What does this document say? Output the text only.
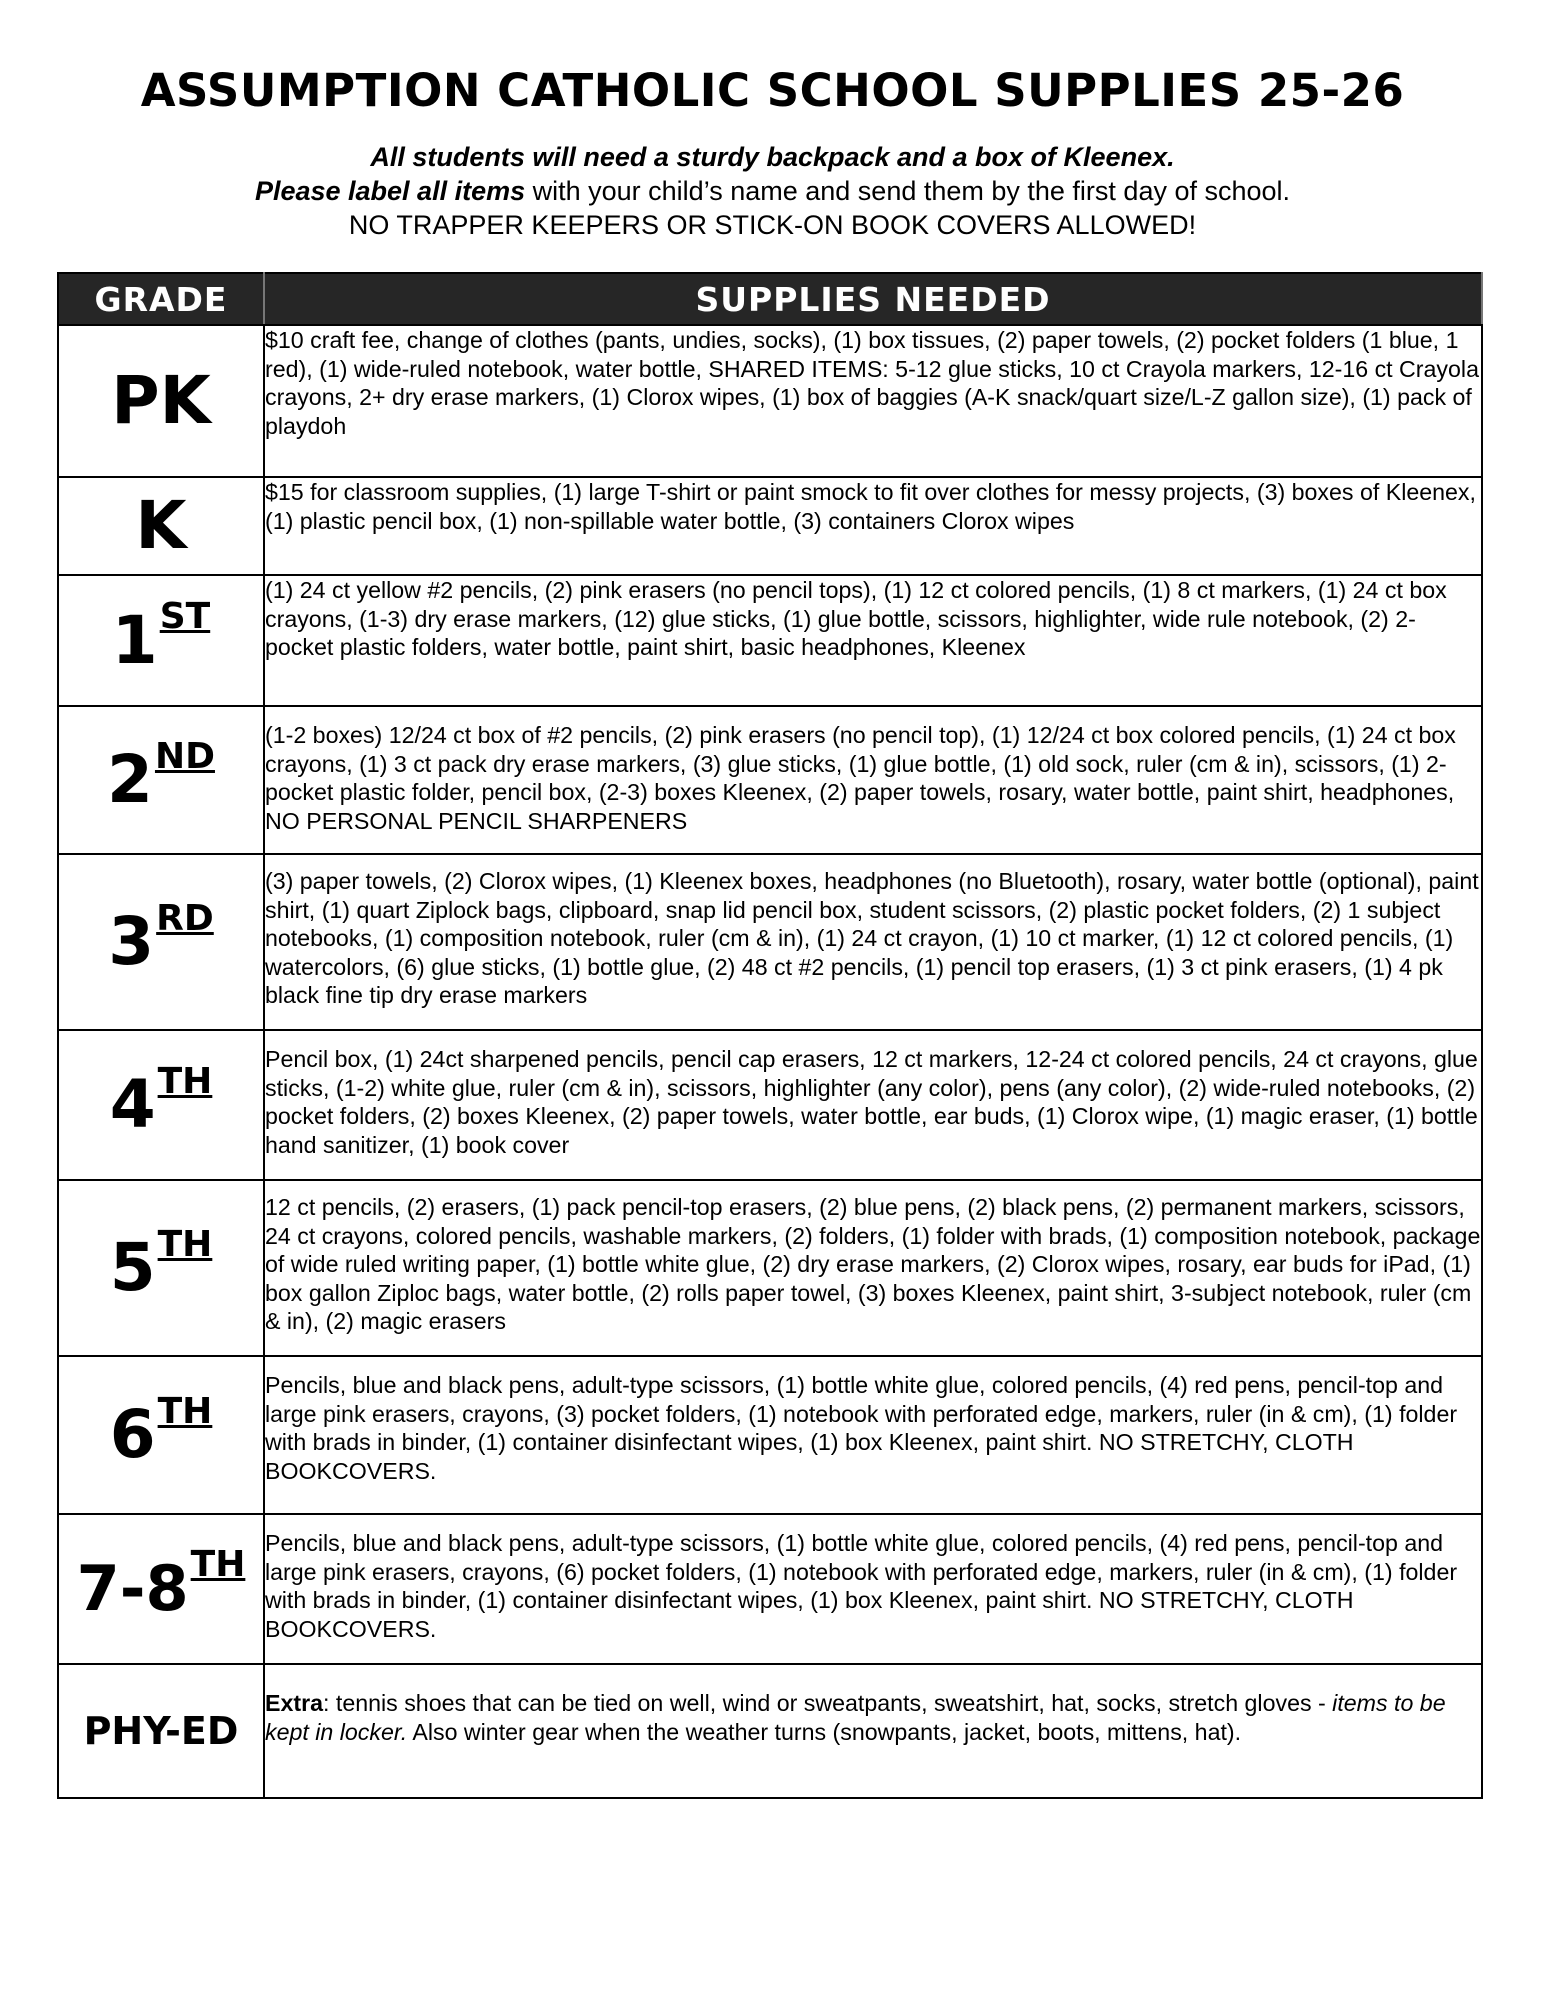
ASSUMPTION CATHOLIC SCHOOL SUPPLIES 25-26
All students will need a sturdy backpack and a box of Kleenex.
Please label all items with your child’s name and send them by the first day of school.
NO TRAPPER KEEPERS OR STICK-ON BOOK COVERS ALLOWED!
GRADE	SUPPLIES NEEDED
PK	$10 craft fee, change of clothes (pants, undies, socks), (1) box tissues, (2) paper towels, (2) pocket folders (1 blue, 1 red), (1) wide-ruled notebook, water bottle, SHARED ITEMS: 5-12 glue sticks, 10 ct Crayola markers, 12-16 ct Crayola crayons, 2+ dry erase markers, (1) Clorox wipes, (1) box of baggies (A-K snack/quart size/L-Z gallon size), (1) pack of playdoh
K	$15 for classroom supplies, (1) large T-shirt or paint smock to fit over clothes for messy projects, (3) boxes of Kleenex, (1) plastic pencil box, (1) non-spillable water bottle, (3) containers Clorox wipes
1ST	(1) 24 ct yellow #2 pencils, (2) pink erasers (no pencil tops), (1) 12 ct colored pencils, (1) 8 ct markers, (1) 24 ct box crayons, (1-3) dry erase markers, (12) glue sticks, (1) glue bottle, scissors, highlighter, wide rule notebook, (2) 2-pocket plastic folders, water bottle, paint shirt, basic headphones, Kleenex
2ND	(1-2 boxes) 12/24 ct box of #2 pencils, (2) pink erasers (no pencil top), (1) 12/24 ct box colored pencils, (1) 24 ct box crayons, (1) 3 ct pack dry erase markers, (3) glue sticks, (1) glue bottle, (1) old sock, ruler (cm & in), scissors, (1) 2-pocket plastic folder, pencil box, (2-3) boxes Kleenex, (2) paper towels, rosary, water bottle, paint shirt, headphones, NO PERSONAL PENCIL SHARPENERS
3RD	(3) paper towels, (2) Clorox wipes, (1) Kleenex boxes, headphones (no Bluetooth), rosary, water bottle (optional), paint shirt, (1) quart Ziplock bags, clipboard, snap lid pencil box, student scissors, (2) plastic pocket folders, (2) 1 subject notebooks, (1) composition notebook, ruler (cm & in), (1) 24 ct crayon, (1) 10 ct marker, (1) 12 ct colored pencils, (1) watercolors, (6) glue sticks, (1) bottle glue, (2) 48 ct #2 pencils, (1) pencil top erasers, (1) 3 ct pink erasers, (1) 4 pk black fine tip dry erase markers
4TH	Pencil box, (1) 24ct sharpened pencils, pencil cap erasers, 12 ct markers, 12-24 ct colored pencils, 24 ct crayons, glue sticks, (1-2) white glue, ruler (cm & in), scissors, highlighter (any color), pens (any color), (2) wide-ruled notebooks, (2) pocket folders, (2) boxes Kleenex, (2) paper towels, water bottle, ear buds, (1) Clorox wipe, (1) magic eraser, (1) bottle hand sanitizer, (1) book cover
5TH	12 ct pencils, (2) erasers, (1) pack pencil-top erasers, (2) blue pens, (2) black pens, (2) permanent markers, scissors, 24 ct crayons, colored pencils, washable markers, (2) folders, (1) folder with brads, (1) composition notebook, package of wide ruled writing paper, (1) bottle white glue, (2) dry erase markers, (2) Clorox wipes, rosary, ear buds for iPad, (1) box gallon Ziploc bags, water bottle, (2) rolls paper towel, (3) boxes Kleenex, paint shirt, 3-subject notebook, ruler (cm & in), (2) magic erasers
6TH	Pencils, blue and black pens, adult-type scissors, (1) bottle white glue, colored pencils, (4) red pens, pencil-top and large pink erasers, crayons, (3) pocket folders, (1) notebook with perforated edge, markers, ruler (in & cm), (1) folder with brads in binder, (1) container disinfectant wipes, (1) box Kleenex, paint shirt. NO STRETCHY, CLOTH BOOKCOVERS.
7-8TH	Pencils, blue and black pens, adult-type scissors, (1) bottle white glue, colored pencils, (4) red pens, pencil-top and large pink erasers, crayons, (6) pocket folders, (1) notebook with perforated edge, markers, ruler (in & cm), (1) folder with brads in binder, (1) container disinfectant wipes, (1) box Kleenex, paint shirt. NO STRETCHY, CLOTH BOOKCOVERS.
PHY-ED	Extra: tennis shoes that can be tied on well, wind or sweatpants, sweatshirt, hat, socks, stretch gloves - items to be kept in locker. Also winter gear when the weather turns (snowpants, jacket, boots, mittens, hat).
